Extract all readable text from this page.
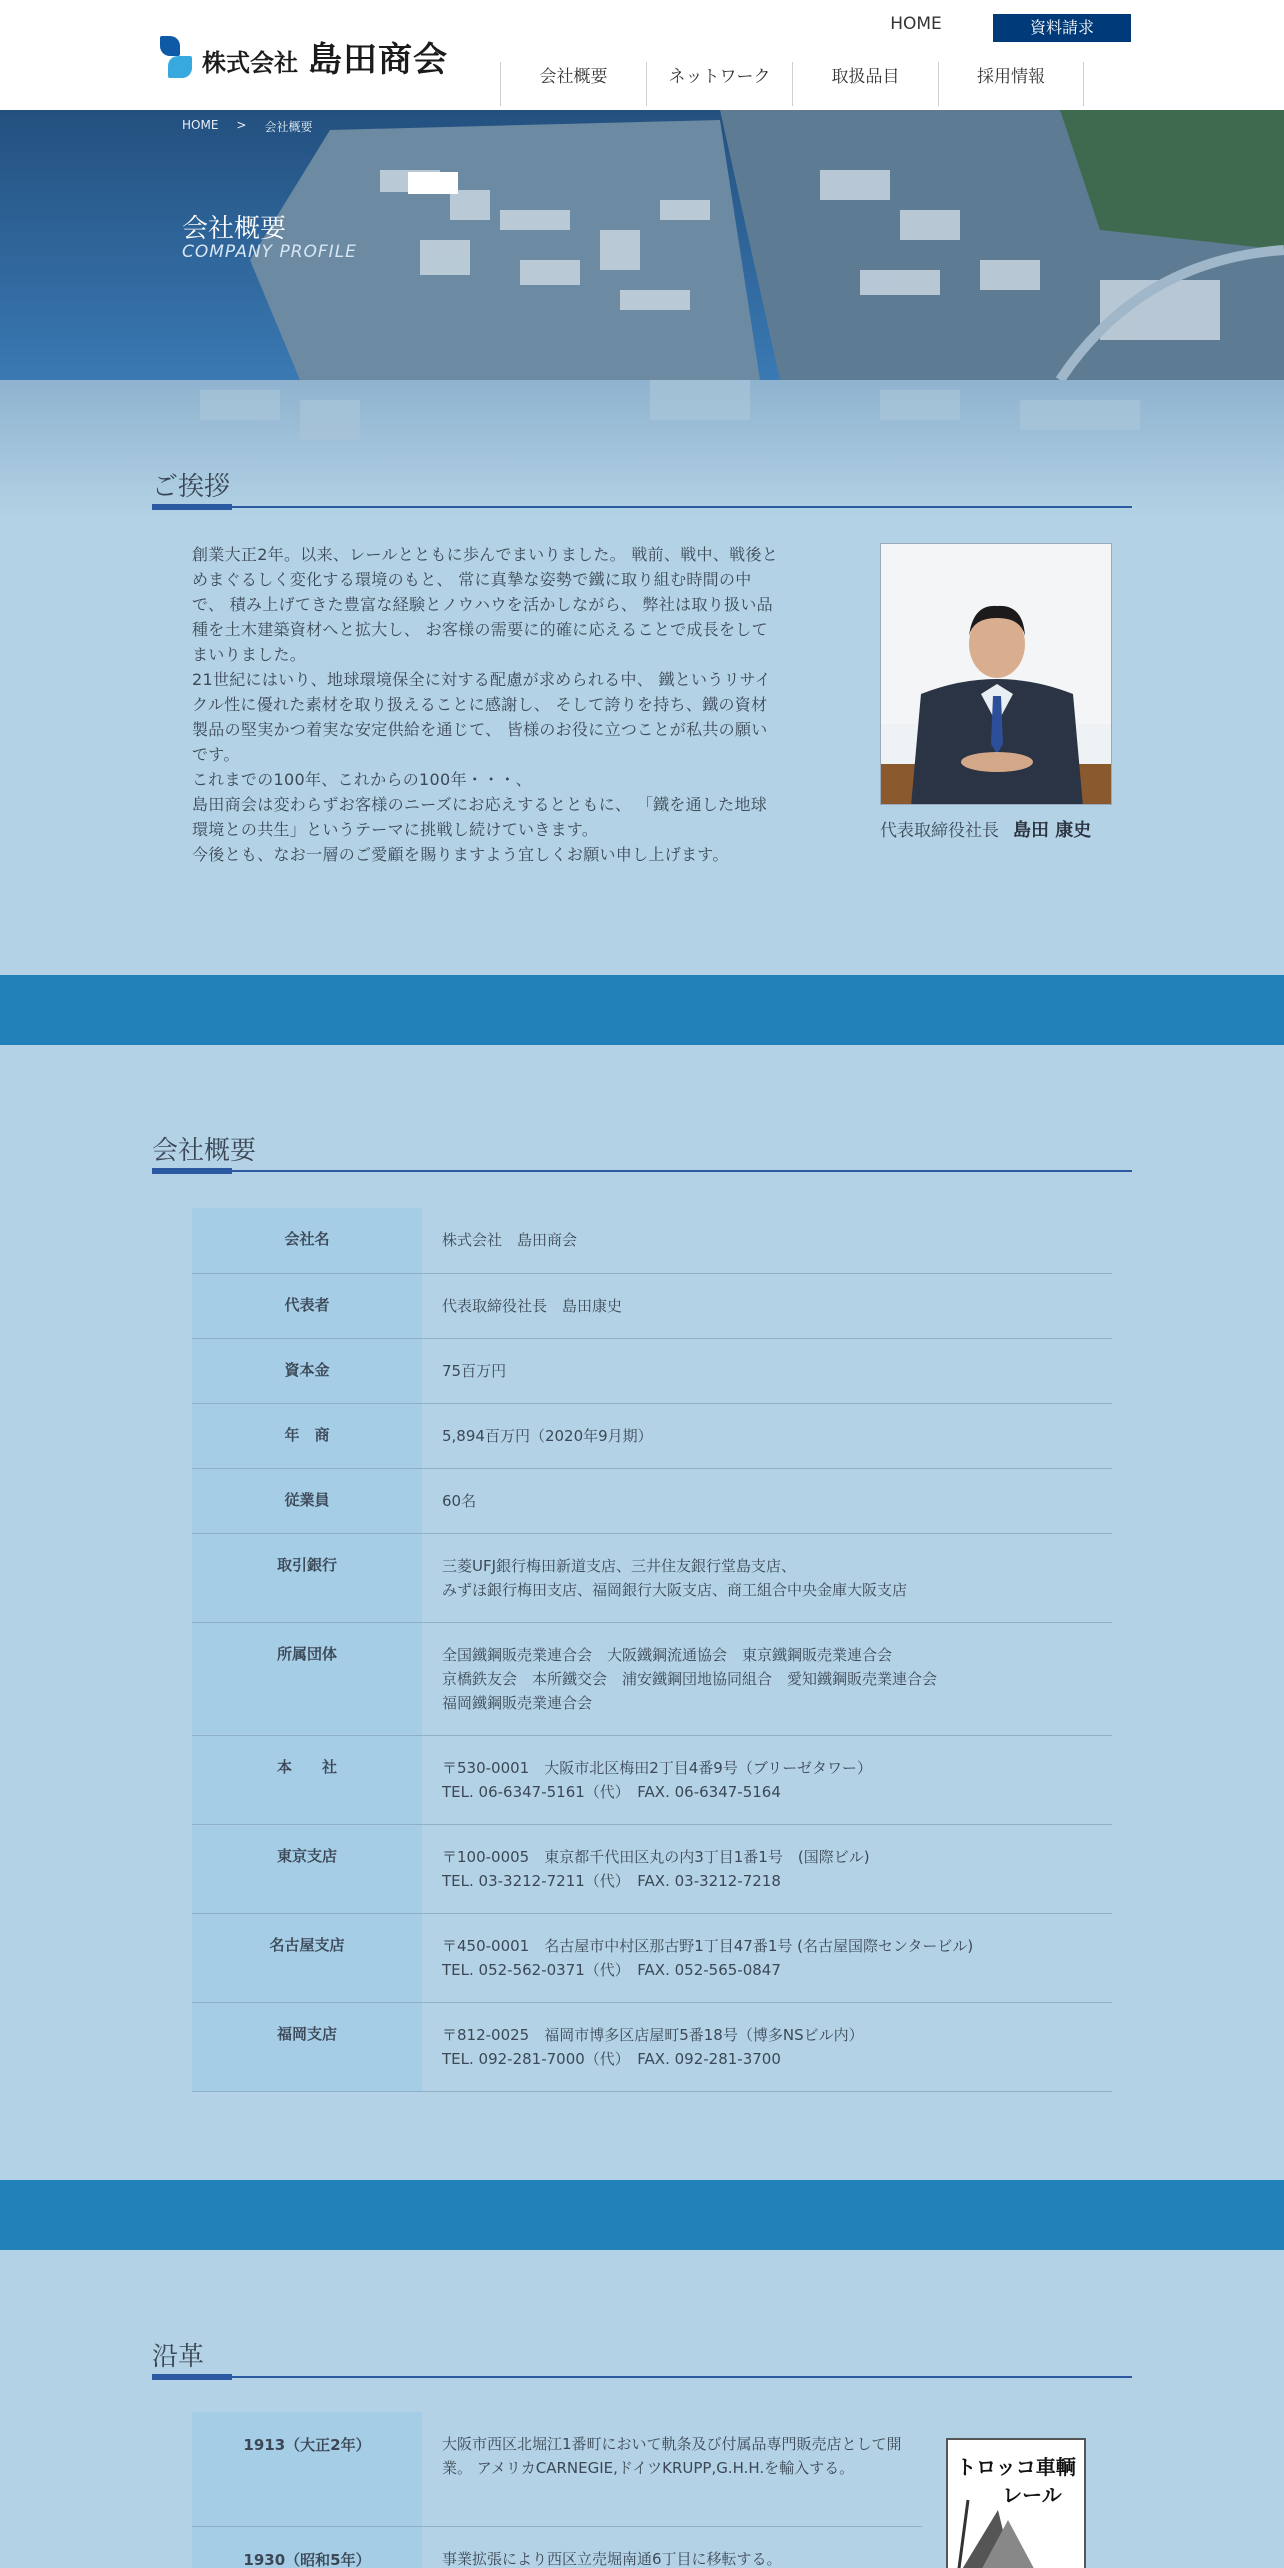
株式会社 島田商会
HOME	資料請求
会社概要	ネットワーク	取扱品目	採用情報
HOME > 会社概要
会社概要
COMPANY PROFILE
ご挨拶

創業大正2年。以来、レールとともに歩んでまいりました。 戦前、戦中、戦後とめまぐるしく変化する環境のもと、 常に真摯な姿勢で鐵に取り組む時間の中で、 積み上げてきた豊富な経験とノウハウを活かしながら、 弊社は取り扱い品種を土木建築資材へと拡大し、 お客様の需要に的確に応えることで成長をしてまいりました。

21世紀にはいり、地球環境保全に対する配慮が求められる中、 鐵というリサイクル性に優れた素材を取り扱えることに感謝し、 そして誇りを持ち、鐵の資材製品の堅実かつ着実な安定供給を通じて、 皆様のお役に立つことが私共の願いです。

これまでの100年、これからの100年・・・、

島田商会は変わらずお客様のニーズにお応えするとともに、 「鐵を通した地球環境との共生」というテーマに挑戦し続けていきます。

今後とも、なお一層のご愛顧を賜りますよう宜しくお願い申し上げます。

代表取締役社長 島田 康史
会社概要
会社名	株式会社　島田商会

代表者	代表取締役社長　島田康史

資本金	75百万円

年　商	5,894百万円（2020年9月期）

従業員	60名

取引銀行	三菱UFJ銀行梅田新道支店、三井住友銀行堂島支店、
みずほ銀行梅田支店、福岡銀行大阪支店、商工組合中央金庫大阪支店

所属団体	全国鐵鋼販売業連合会　大阪鐵鋼流通協会　東京鐵鋼販売業連合会
京橋鉄友会　本所鐵交会　浦安鐵鋼団地協同組合　愛知鐵鋼販売業連合会
福岡鐵鋼販売業連合会

本　　社	〒530-0001　大阪市北区梅田2丁目4番9号（ブリーゼタワー）
TEL. 06-6347-5161（代）　FAX. 06-6347-5164

東京支店	〒100-0005　東京都千代田区丸の内3丁目1番1号　(国際ビル)
TEL. 03-3212-7211（代）　FAX. 03-3212-7218

名古屋支店	〒450-0001　名古屋市中村区那古野1丁目47番1号 (名古屋国際センタービル)
TEL. 052-562-0371（代）　FAX. 052-565-0847

福岡支店	〒812-0025　福岡市博多区店屋町5番18号（博多NSビル内）
TEL. 092-281-7000（代）　FAX. 092-281-3700
沿革
1913（大正2年）	大阪市西区北堀江1番町において軌条及び付属品専門販売店として開業。 アメリカCARNEGIE,ドイツKRUPP,G.H.H.を輸入する。
1930（昭和5年）	事業拡張により西区立売堀南通6丁目に移転する。
トロッコ車輌
レール
